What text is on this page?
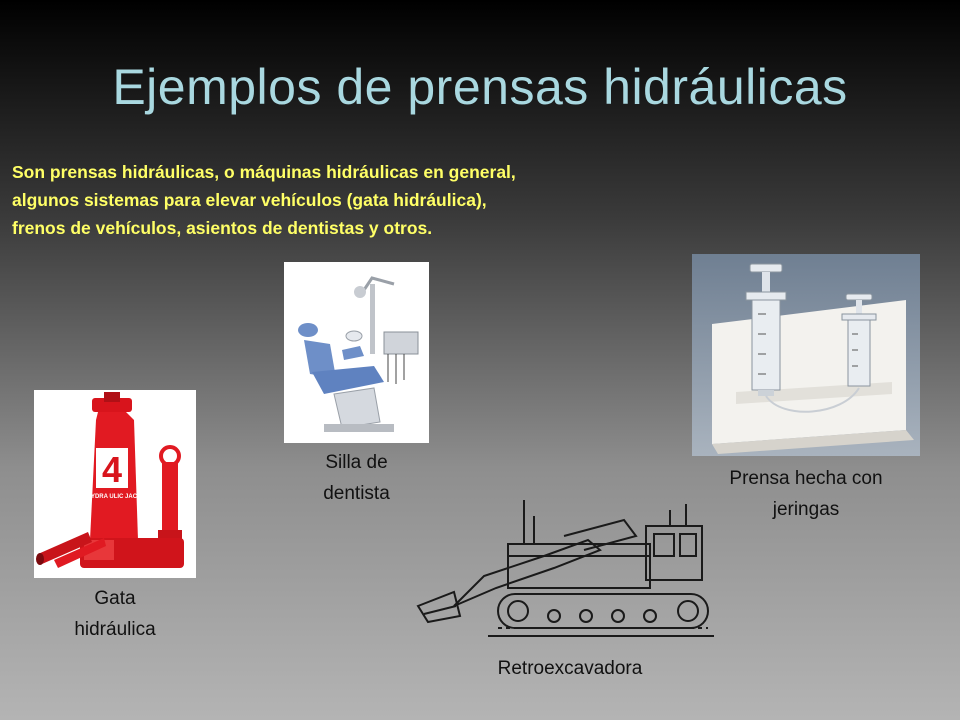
Ejemplos de prensas hidráulicas
Son prensas hidráulicas, o máquinas hidráulicas en general,
algunos sistemas para elevar vehículos (gata hidráulica),
frenos de vehículos, asientos de dentistas y otros.
4
HYDRA ULIC JACK
Gata
hidráulica
Silla de
dentista
Prensa hecha con
jeringas
Retroexcavadora
